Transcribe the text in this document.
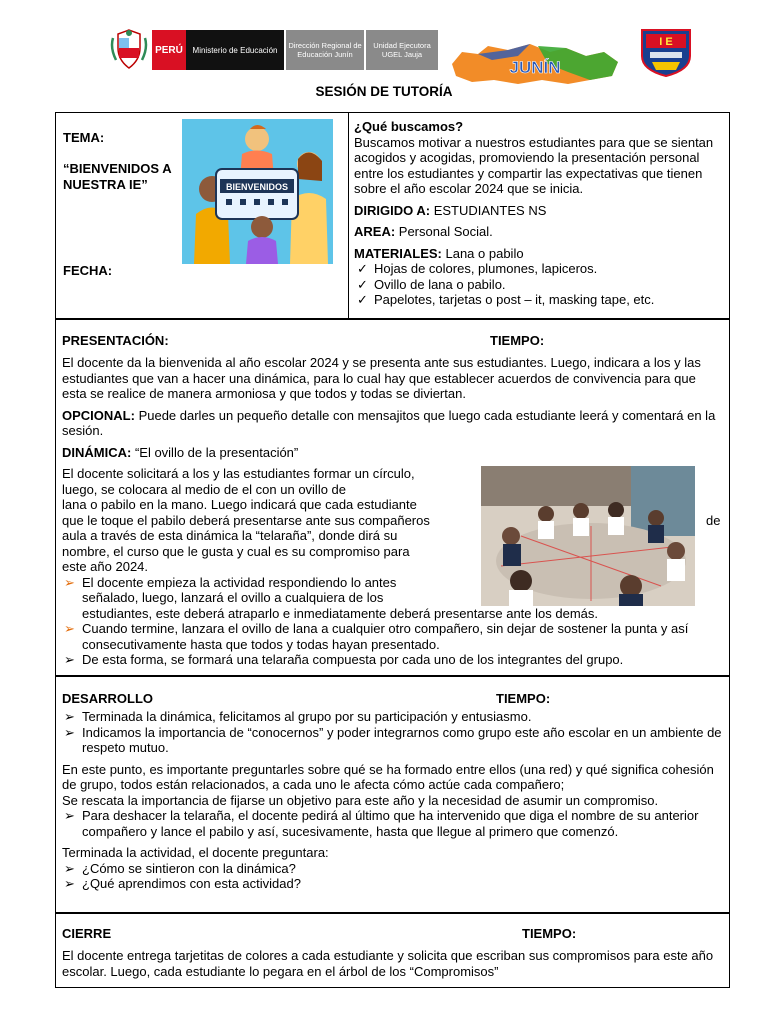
PERÚ	Ministerio de Educación
Dirección Regional de Educación Junín
Unidad Ejecutora UGEL Jauja
JUNÍN
I E
SESIÓN DE TUTORÍA
TEMA:
“BIENVENIDOS A NUESTRA IE”
FECHA:
BIENVENIDOS

¿Qué buscamos?

Buscamos motivar a nuestros estudiantes para que se sientan acogidos y acogidas, promoviendo la presentación personal entre los estudiantes y compartir las expectativas que tienen sobre el año escolar 2024 que se inicia.

DIRIGIDO A: ESTUDIANTES NS

AREA: Personal Social.

MATERIALES: Lana o pabilo

✓ Hojas de colores, plumones, lapiceros.
✓ Ovillo de lana o pabilo.
✓ Papelotes, tarjetas o post – it, masking tape, etc.
PRESENTACIÓN:	TIEMPO:

El docente da la bienvenida al año escolar 2024 y se presenta ante sus estudiantes. Luego, indicara a los y las estudiantes que van a hacer una dinámica, para lo cual hay que establecer acuerdos de convivencia para que esta se realice de manera armoniosa y que todos y todas se diviertan.

OPCIONAL: Puede darles un pequeño detalle con mensajitos que luego cada estudiante leerá y comentará en la sesión.

DINÁMICA: “El ovillo de la presentación”

El docente solicitará a los y las estudiantes formar un círculo,

luego, se colocara al medio de el con un ovillo de

lana o pabilo en la mano. Luego indicará que cada estudiante

que le toque el pabilo deberá presentarse ante sus compañeros	de

aula a través de esta dinámica la “telaraña”, donde dirá su

nombre, el curso que le gusta y cual es su compromiso para

este año 2024.

➢ El docente empieza la actividad respondiendo lo antes
señalado, luego, lanzará el ovillo a cualquiera de los
estudiantes, este deberá atraparlo e inmediatamente deberá presentarse ante los demás.
➢ Cuando termine, lanzara el ovillo de lana a cualquier otro compañero, sin dejar de sostener la punta y así consecutivamente hasta que todos y todas hayan presentado.
➢ De esta forma, se formará una telaraña compuesta por cada uno de los integrantes del grupo.
DESARROLLO	TIEMPO:
➢ Terminada la dinámica, felicitamos al grupo por su participación y entusiasmo.
➢ Indicamos la importancia de “conocernos” y poder integrarnos como grupo este año escolar en un ambiente de respeto mutuo.

En este punto, es importante preguntarles sobre qué se ha formado entre ellos (una red) y qué significa cohesión de grupo, todos están relacionados, a cada uno le afecta cómo actúe cada compañero;

Se rescata la importancia de fijarse un objetivo para este año y la necesidad de asumir un compromiso.

➢ Para deshacer la telaraña, el docente pedirá al último que ha intervenido que diga el nombre de su anterior compañero y lance el pabilo y así, sucesivamente, hasta que llegue al primero que comenzó.

Terminada la actividad, el docente preguntara:

➢ ¿Cómo se sintieron con la dinámica?
➢ ¿Qué aprendimos con esta actividad?
CIERRE	TIEMPO:

El docente entrega tarjetitas de colores a cada estudiante y solicita que escriban sus compromisos para este año escolar. Luego, cada estudiante lo pegara en el árbol de los “Compromisos”
